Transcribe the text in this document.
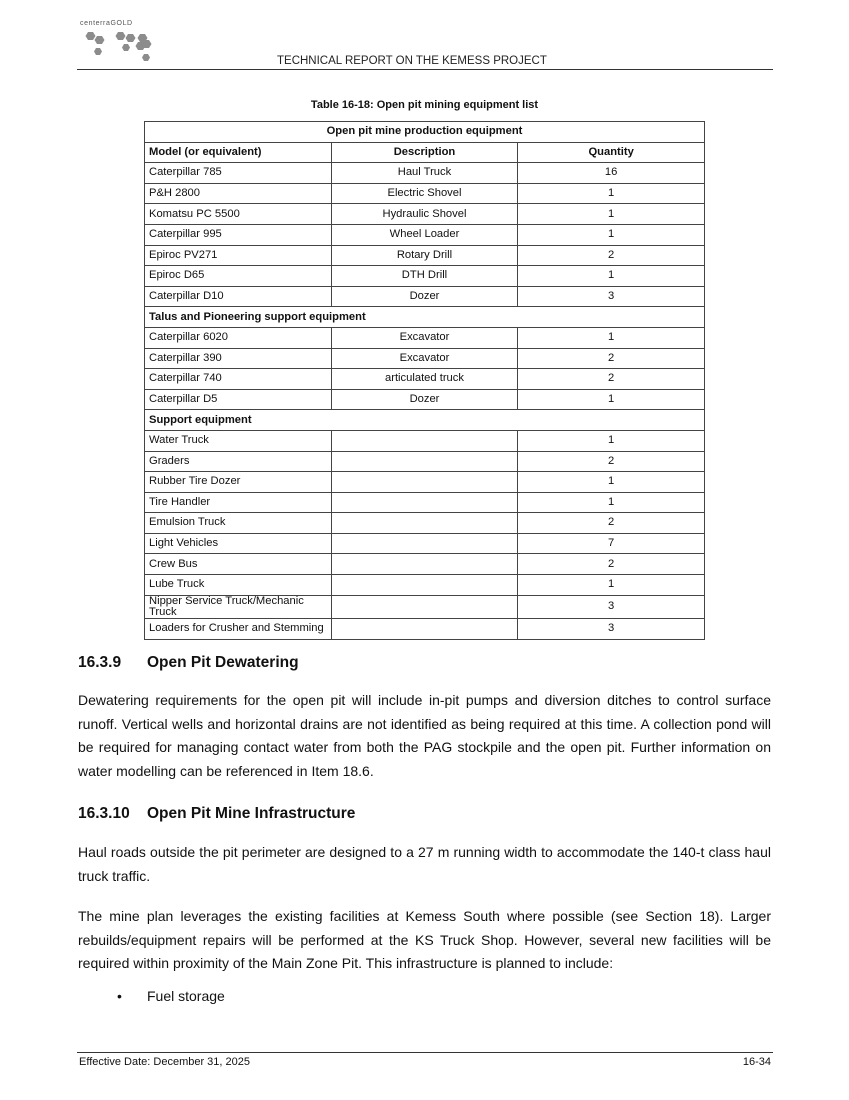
centerraGOLD
TECHNICAL REPORT ON THE KEMESS PROJECT
Table 16-18: Open pit mining equipment list
Open pit mine production equipment		
Model (or equivalent)	Description	Quantity
Caterpillar 785	Haul Truck	16
P&H 2800	Electric Shovel	1
Komatsu PC 5500	Hydraulic Shovel	1
Caterpillar 995	Wheel Loader	1
Epiroc PV271	Rotary Drill	2
Epiroc D65	DTH Drill	1
Caterpillar D10	Dozer	3
Talus and Pioneering support equipment		
Caterpillar 6020	Excavator	1
Caterpillar 390	Excavator	2
Caterpillar 740	articulated truck	2
Caterpillar D5	Dozer	1
Support equipment		
Water Truck		1
Graders		2
Rubber Tire Dozer		1
Tire Handler		1
Emulsion Truck		2
Light Vehicles		7
Crew Bus		2
Lube Truck		1
Nipper Service Truck/Mechanic Truck		3
Loaders for Crusher and Stemming		3
16.3.9 Open Pit Dewatering
Dewatering requirements for the open pit will include in-pit pumps and diversion ditches to control surface runoff. Vertical wells and horizontal drains are not identified as being required at this time. A collection pond will be required for managing contact water from both the PAG stockpile and the open pit. Further information on water modelling can be referenced in Item 18.6.
16.3.10 Open Pit Mine Infrastructure
Haul roads outside the pit perimeter are designed to a 27 m running width to accommodate the 140-t class haul truck traffic.
The mine plan leverages the existing facilities at Kemess South where possible (see Section 18). Larger rebuilds/equipment repairs will be performed at the KS Truck Shop. However, several new facilities will be required within proximity of the Main Zone Pit. This infrastructure is planned to include:
• Fuel storage
Effective Date: December 31, 2025	16-34
